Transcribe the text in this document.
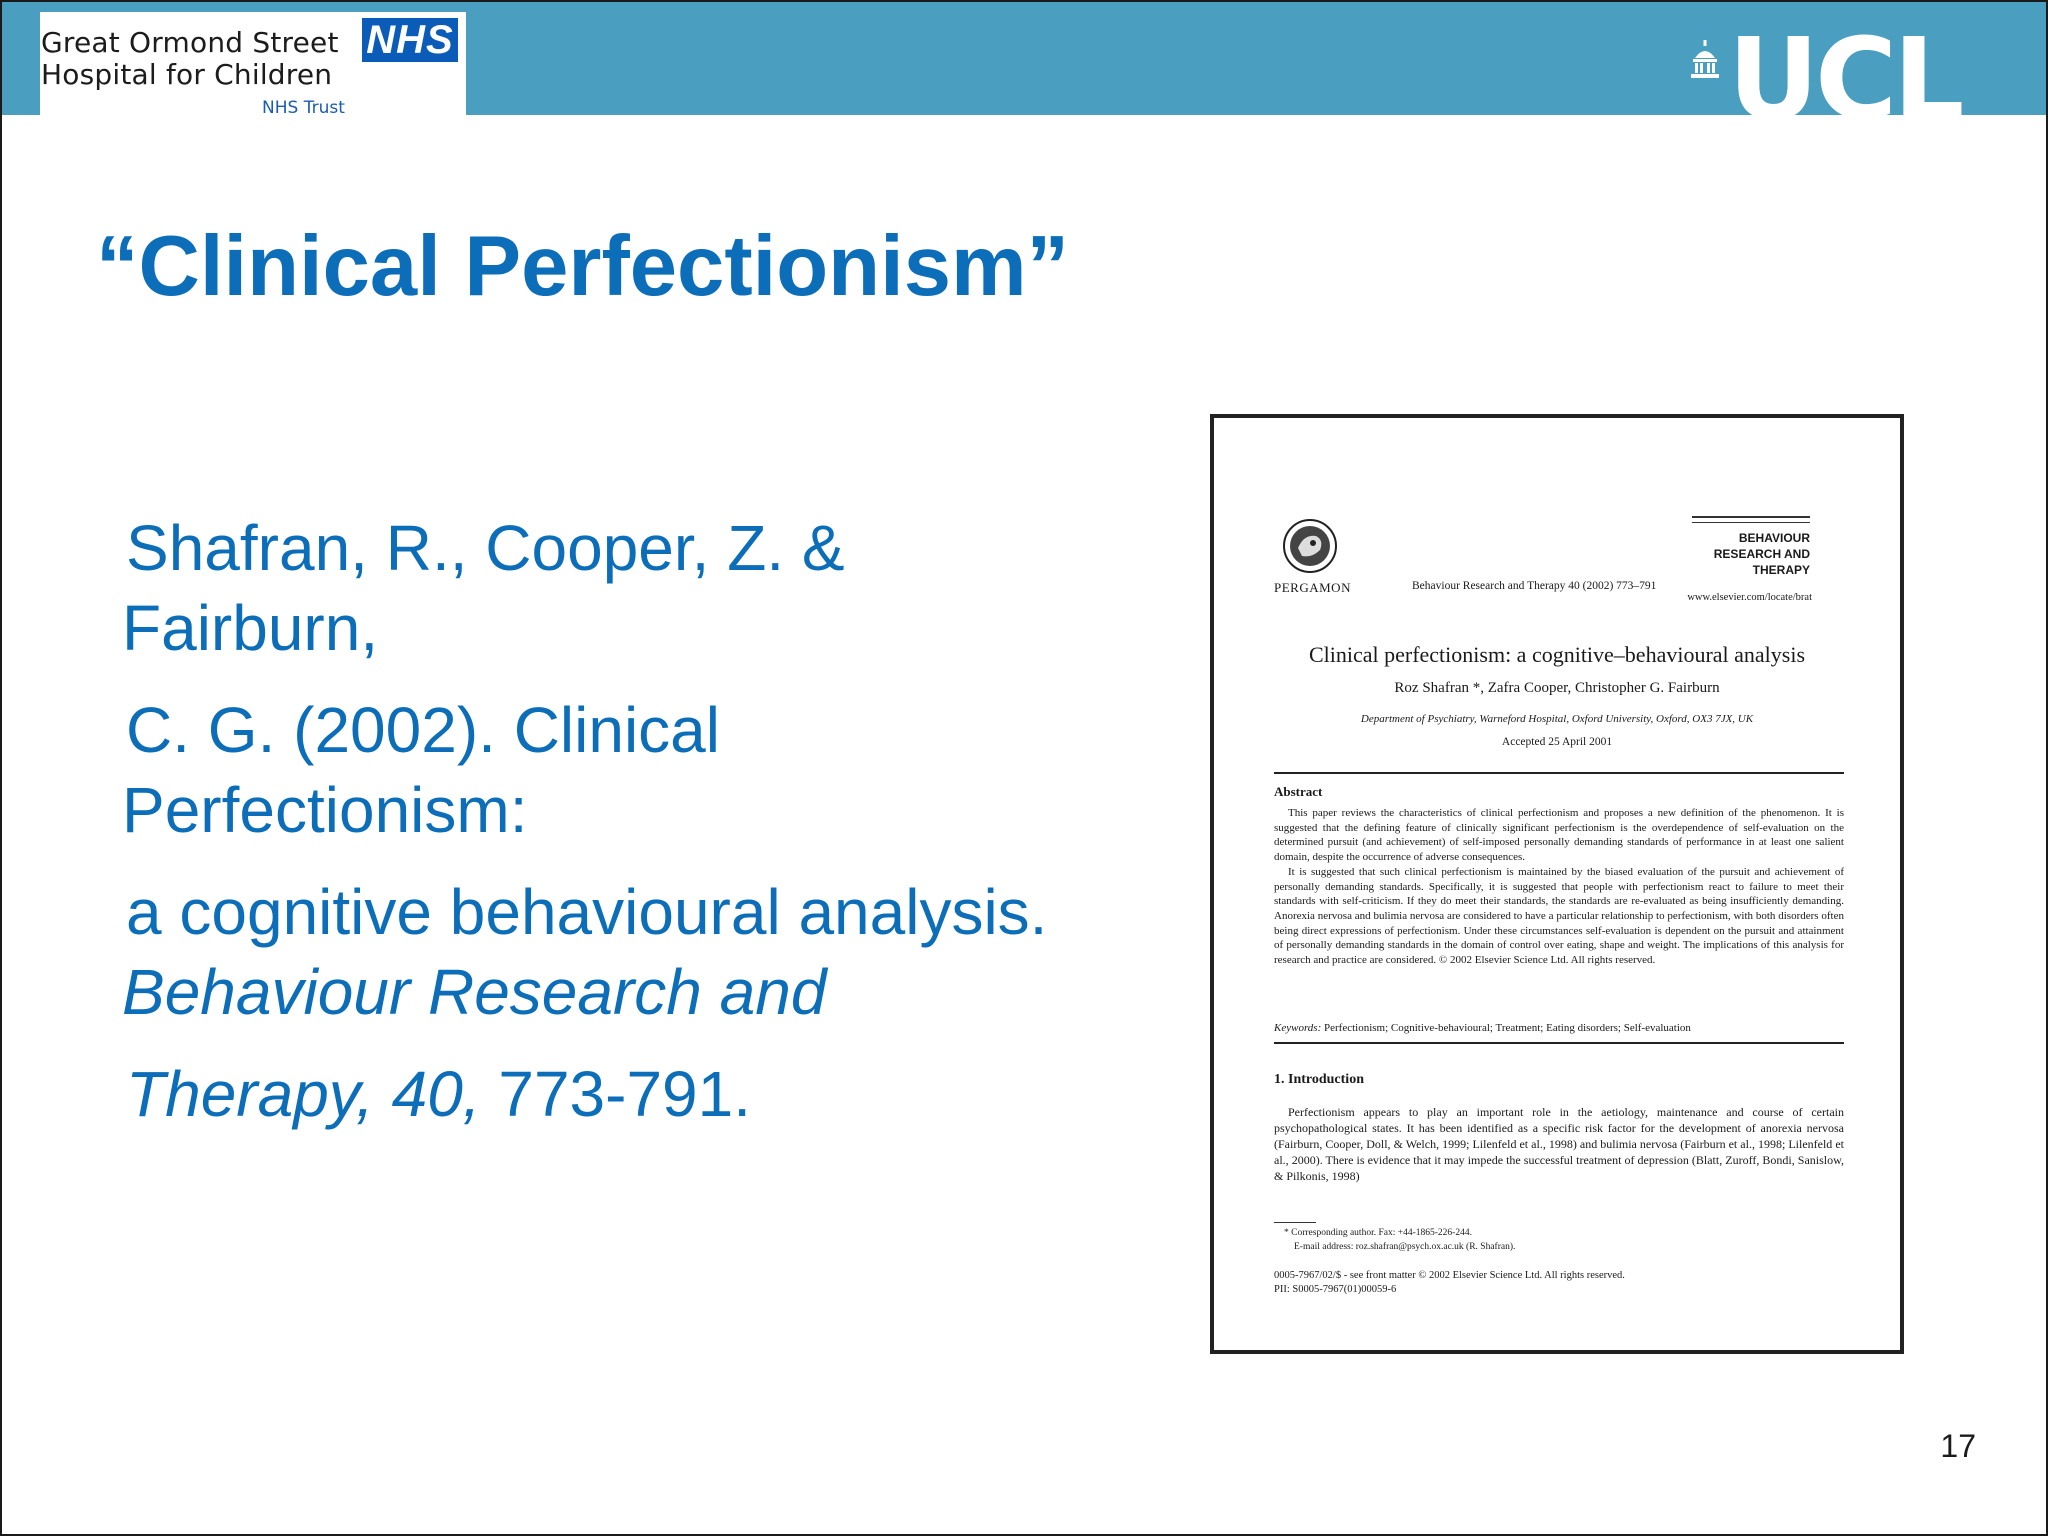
Great Ormond Street
Hospital for Children
NHS
NHS Trust	UCL
“Clinical Perfectionism”
Shafran, R., Cooper, Z. &
Fairburn,
C. G. (2002). Clinical
Perfectionism:
a cognitive behavioural analysis.
Behaviour Research and
Therapy, 40, 773-791.
PERGAMON	Behaviour Research and Therapy 40 (2002) 773–791
BEHAVIOUR
RESEARCH AND
THERAPY
www.elsevier.com/locate/brat
Clinical perfectionism: a cognitive–behavioural analysis
Roz Shafran *, Zafra Cooper, Christopher G. Fairburn
Department of Psychiatry, Warneford Hospital, Oxford University, Oxford, OX3 7JX, UK
Accepted 25 April 2001
Abstract

This paper reviews the characteristics of clinical perfectionism and proposes a new definition of the phenomenon. It is suggested that the defining feature of clinically significant perfectionism is the overdependence of self-evaluation on the determined pursuit (and achievement) of self-imposed personally demanding standards of performance in at least one salient domain, despite the occurrence of adverse consequences.

It is suggested that such clinical perfectionism is maintained by the biased evaluation of the pursuit and achievement of personally demanding standards. Specifically, it is suggested that people with perfectionism react to failure to meet their standards with self-criticism. If they do meet their standards, the standards are re-evaluated as being insufficiently demanding. Anorexia nervosa and bulimia nervosa are considered to have a particular relationship to perfectionism, with both disorders often being direct expressions of perfectionism. Under these circumstances self-evaluation is dependent on the pursuit and attainment of personally demanding standards in the domain of control over eating, shape and weight. The implications of this analysis for research and practice are considered. © 2002 Elsevier Science Ltd. All rights reserved.

Keywords: Perfectionism; Cognitive-behavioural; Treatment; Eating disorders; Self-evaluation
1. Introduction
Perfectionism appears to play an important role in the aetiology, maintenance and course of certain psychopathological states. It has been identified as a specific risk factor for the development of anorexia nervosa (Fairburn, Cooper, Doll, & Welch, 1999; Lilenfeld et al., 1998) and bulimia nervosa (Fairburn et al., 1998; Lilenfeld et al., 2000). There is evidence that it may impede the successful treatment of depression (Blatt, Zuroff, Bondi, Sanislow, & Pilkonis, 1998)
* Corresponding author. Fax: +44-1865-226-244.
E-mail address: roz.shafran@psych.ox.ac.uk (R. Shafran).
0005-7967/02/$ - see front matter © 2002 Elsevier Science Ltd. All rights reserved.
PII: S0005-7967(01)00059-6
17
